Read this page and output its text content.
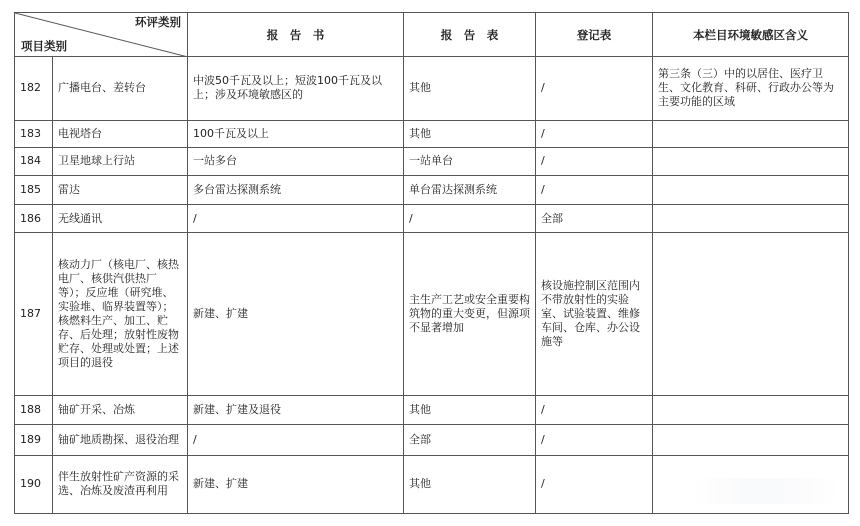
环评类别
项目类别		报　告　书	报　告　表	登记表	本栏目环境敏感区含义
182	广播电台、差转台	中波50千瓦及以上；短波100千瓦及以上；涉及环境敏感区的	其他	/	第三条（三）中的以居住、医疗卫生、文化教育、科研、行政办公等为主要功能的区域
183	电视塔台	100千瓦及以上	其他	/	
184	卫星地球上行站	一站多台	一站单台	/	
185	雷达	多台雷达探测系统	单台雷达探测系统	/	
186	无线通讯	/	/	全部	
187	核动力厂（核电厂、核热电厂、核供汽供热厂等）；反应堆（研究堆、实验堆、临界装置等）；核燃料生产、加工、贮存、后处理；放射性废物贮存、处理或处置；上述项目的退役	新建、扩建	主生产工艺或安全重要构筑物的重大变更，但源项不显著增加	核设施控制区范围内不带放射性的实验室、试验装置、维修车间、仓库、办公设施等	
188	铀矿开采、冶炼	新建、扩建及退役	其他	/	
189	铀矿地质勘探、退役治理	/	全部	/	
190	伴生放射性矿产资源的采选、冶炼及废渣再利用	新建、扩建	其他	/	
